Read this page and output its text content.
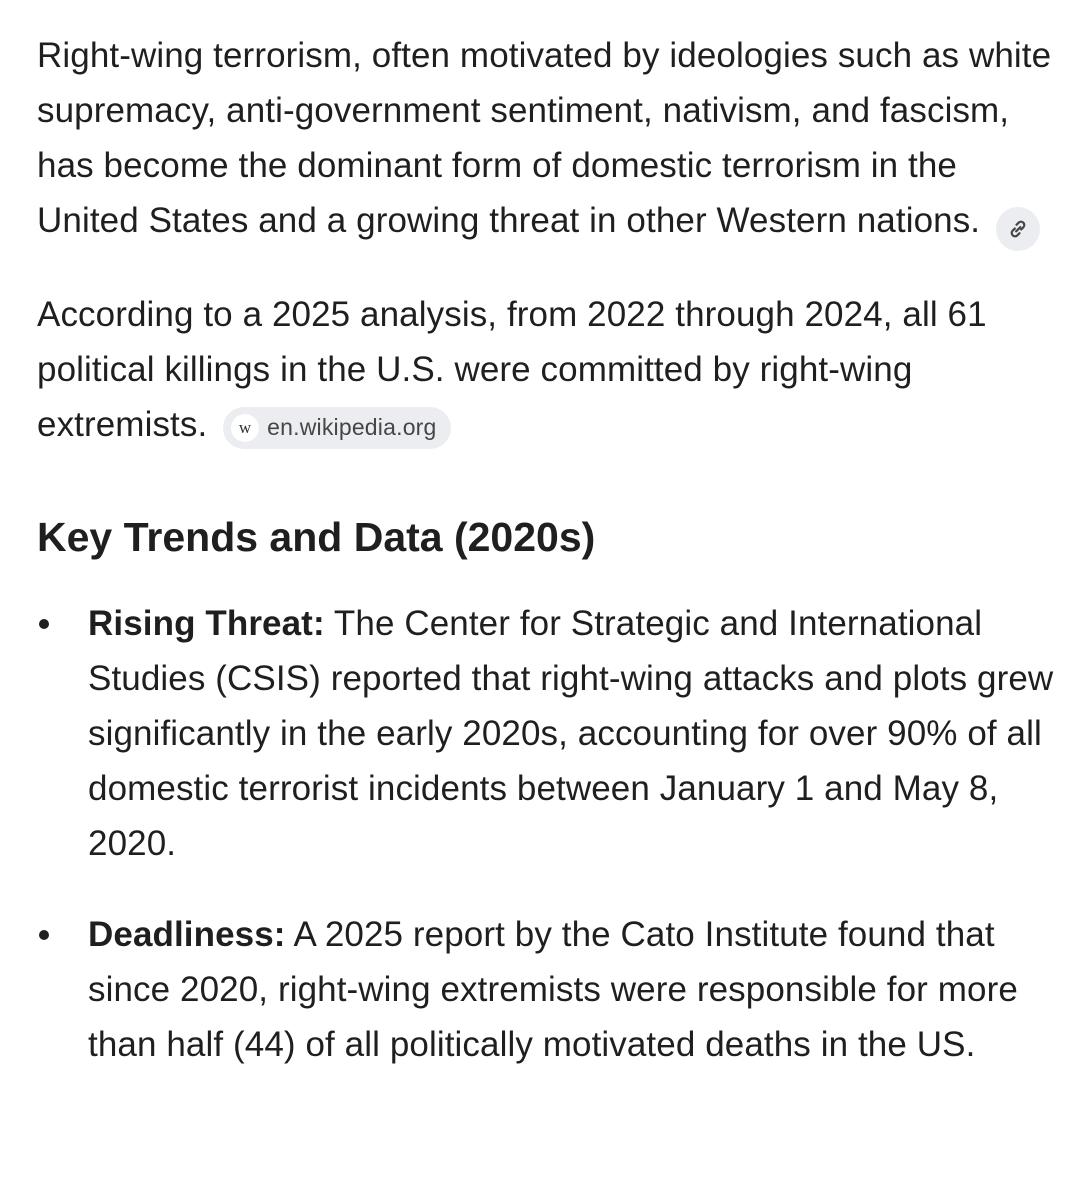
Right-wing terrorism, often motivated by ideologies such as white supremacy, anti-government sentiment, nativism, and fascism, has become the dominant form of domestic terrorism in the United States and a growing threat in other Western nations.

According to a 2025 analysis, from 2022 through 2024, all 61 political killings in the U.S. were committed by right-wing extremists.	w en.wikipedia.org

Key Trends and Data (2020s)
Rising Threat: The Center for Strategic and International Studies (CSIS) reported that right-wing attacks and plots grew significantly in the early 2020s, accounting for over 90% of all domestic terrorist incidents between January 1 and May 8, 2020.
Deadliness: A 2025 report by the Cato Institute found that since 2020, right-wing extremists were responsible for more than half (44) of all politically motivated deaths in the US.
